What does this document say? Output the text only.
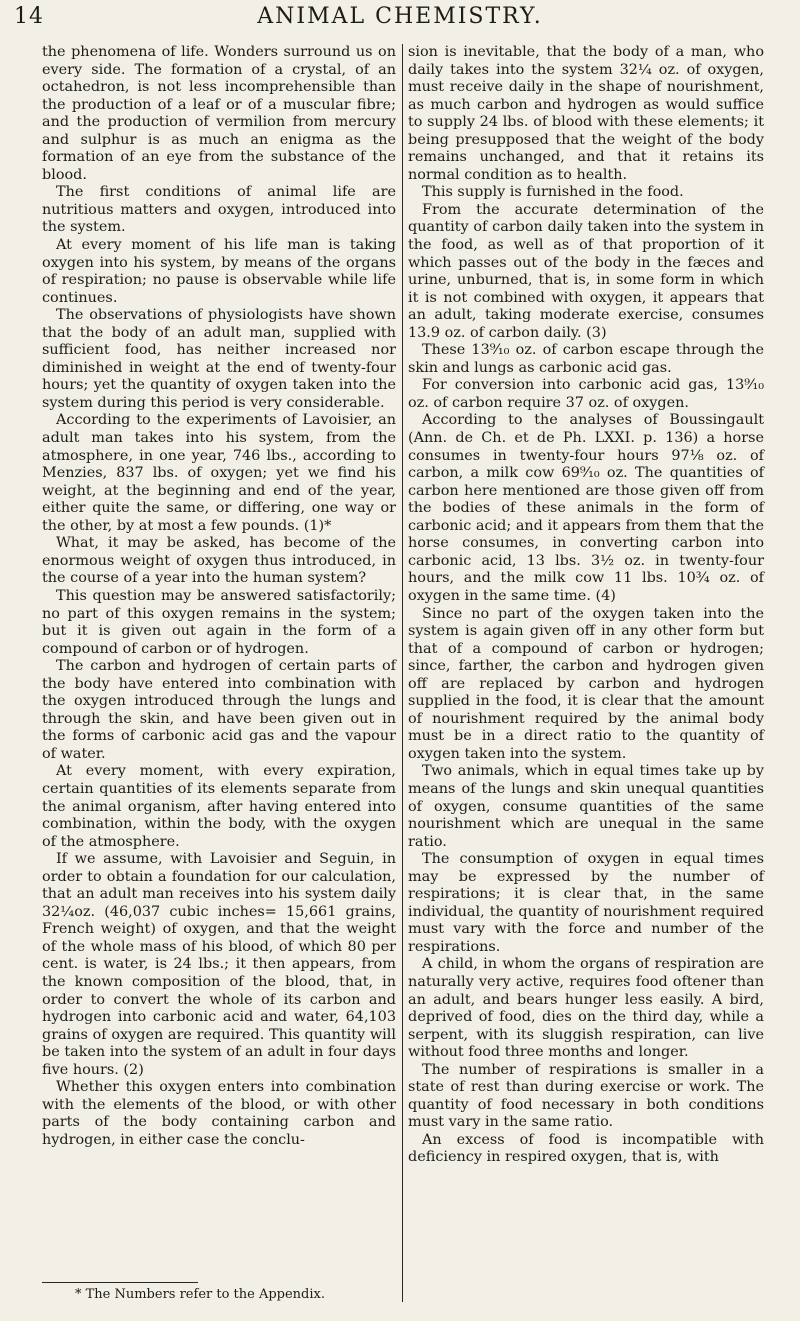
14	ANIMAL CHEMISTRY.

the phenomena of life. Wonders surround us on every side. The formation of a crystal, of an octahedron, is not less incomprehensible than the production of a leaf or of a muscular fibre; and the production of vermilion from mercury and sulphur is as much an enigma as the formation of an eye from the substance of the blood.

The first conditions of animal life are nutritious matters and oxygen, introduced into the system.

At every moment of his life man is taking oxygen into his system, by means of the organs of respiration; no pause is observable while life continues.

The observations of physiologists have shown that the body of an adult man, supplied with sufficient food, has neither increased nor diminished in weight at the end of twenty-four hours; yet the quantity of oxygen taken into the system during this period is very considerable.

According to the experiments of Lavoisier, an adult man takes into his system, from the atmosphere, in one year, 746 lbs., according to Menzies, 837 lbs. of oxygen; yet we find his weight, at the beginning and end of the year, either quite the same, or differing, one way or the other, by at most a few pounds. (1)*

What, it may be asked, has become of the enormous weight of oxygen thus introduced, in the course of a year into the human system?

This question may be answered satisfactorily; no part of this oxygen remains in the system; but it is given out again in the form of a compound of carbon or of hydrogen.

The carbon and hydrogen of certain parts of the body have entered into combination with the oxygen introduced through the lungs and through the skin, and have been given out in the forms of carbonic acid gas and the vapour of water.

At every moment, with every expiration, certain quantities of its elements separate from the animal organism, after having entered into combination, within the body, with the oxygen of the atmosphere.

If we assume, with Lavoisier and Seguin, in order to obtain a foundation for our calculation, that an adult man receives into his system daily 32¼oz. (46,037 cubic inches= 15,661 grains, French weight) of oxygen, and that the weight of the whole mass of his blood, of which 80 per cent. is water, is 24 lbs.; it then appears, from the known composition of the blood, that, in order to convert the whole of its carbon and hydrogen into carbonic acid and water, 64,103 grains of oxygen are required. This quantity will be taken into the system of an adult in four days five hours. (2)

Whether this oxygen enters into combination with the elements of the blood, or with other parts of the body containing carbon and hydrogen, in either case the conclu-

sion is inevitable, that the body of a man, who daily takes into the system 32¼ oz. of oxygen, must receive daily in the shape of nourishment, as much carbon and hydrogen as would suffice to supply 24 lbs. of blood with these elements; it being presupposed that the weight of the body remains unchanged, and that it retains its normal condition as to health.

This supply is furnished in the food.

From the accurate determination of the quantity of carbon daily taken into the system in the food, as well as of that proportion of it which passes out of the body in the fæces and urine, unburned, that is, in some form in which it is not combined with oxygen, it appears that an adult, taking moderate exercise, consumes 13.9 oz. of carbon daily. (3)

These 13⁹⁄₁₀ oz. of carbon escape through the skin and lungs as carbonic acid gas.

For conversion into carbonic acid gas, 13⁹⁄₁₀ oz. of carbon require 37 oz. of oxygen.

According to the analyses of Boussingault (Ann. de Ch. et de Ph. LXXI. p. 136) a horse consumes in twenty-four hours 97⅛ oz. of carbon, a milk cow 69⁹⁄₁₀ oz. The quantities of carbon here mentioned are those given off from the bodies of these animals in the form of carbonic acid; and it appears from them that the horse consumes, in converting carbon into carbonic acid, 13 lbs. 3½ oz. in twenty-four hours, and the milk cow 11 lbs. 10¾ oz. of oxygen in the same time. (4)

Since no part of the oxygen taken into the system is again given off in any other form but that of a compound of carbon or hydrogen; since, farther, the carbon and hydrogen given off are replaced by carbon and hydrogen supplied in the food, it is clear that the amount of nourishment required by the animal body must be in a direct ratio to the quantity of oxygen taken into the system.

Two animals, which in equal times take up by means of the lungs and skin unequal quantities of oxygen, consume quantities of the same nourishment which are unequal in the same ratio.

The consumption of oxygen in equal times may be expressed by the number of respirations; it is clear that, in the same individual, the quantity of nourishment required must vary with the force and number of the respirations.

A child, in whom the organs of respiration are naturally very active, requires food oftener than an adult, and bears hunger less easily. A bird, deprived of food, dies on the third day, while a serpent, with its sluggish respiration, can live without food three months and longer.

The number of respirations is smaller in a state of rest than during exercise or work. The quantity of food necessary in both conditions must vary in the same ratio.

An excess of food is incompatible with deficiency in respired oxygen, that is, with

* The Numbers refer to the Appendix.
